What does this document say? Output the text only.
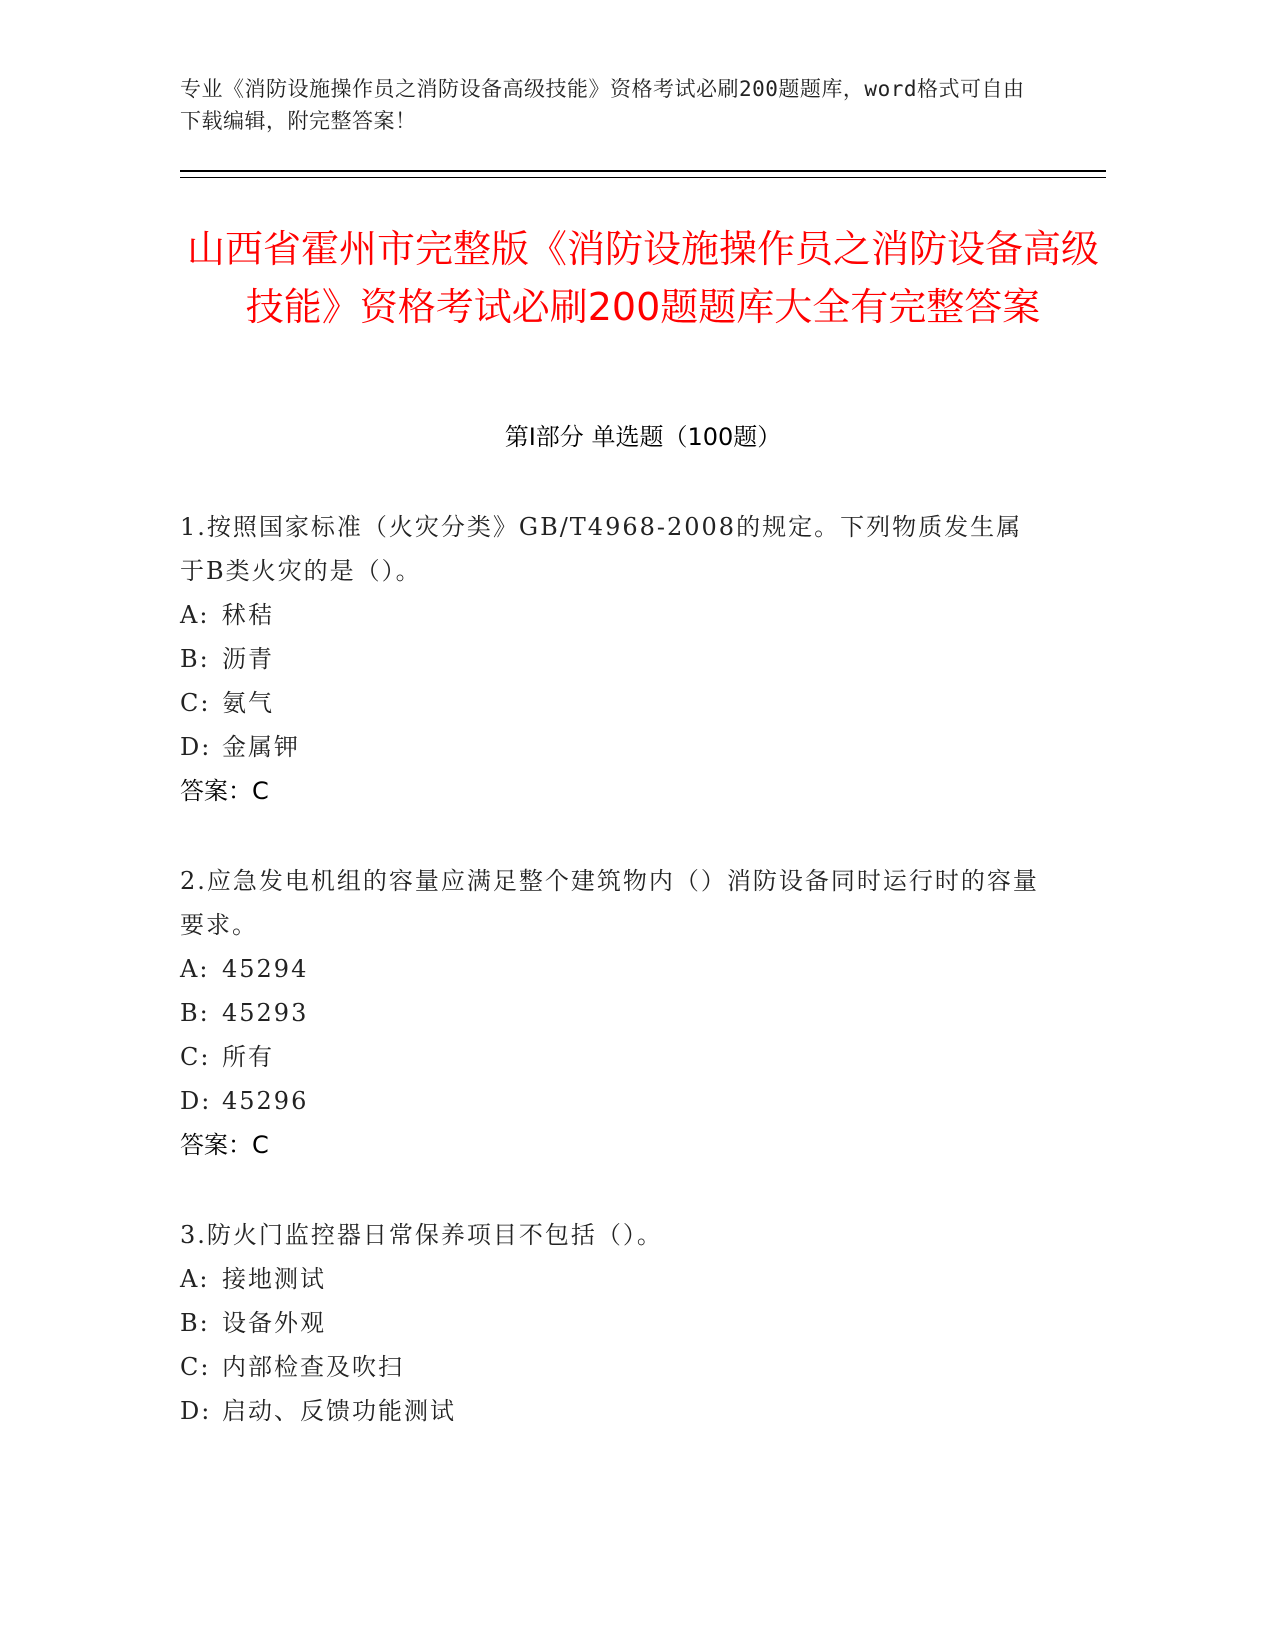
专业《消防设施操作员之消防设备高级技能》资格考试必刷200题题库，word格式可自由下载编辑，附完整答案！
山西省霍州市完整版《消防设施操作员之消防设备高级技能》资格考试必刷200题题库大全有完整答案
第I部分 单选题（100题）
1.按照国家标准（火灾分类》GB/T4968-2008的规定。下列物质发生属于B类火灾的是（）。
A: 秫秸
B: 沥青
C: 氨气
D: 金属钾
答案：C
2.应急发电机组的容量应满足整个建筑物内（）消防设备同时运行时的容量要求。
A: 45294
B: 45293
C: 所有
D: 45296
答案：C
3.防火门监控器日常保养项目不包括（）。
A: 接地测试
B: 设备外观
C: 内部检查及吹扫
D: 启动、反馈功能测试
